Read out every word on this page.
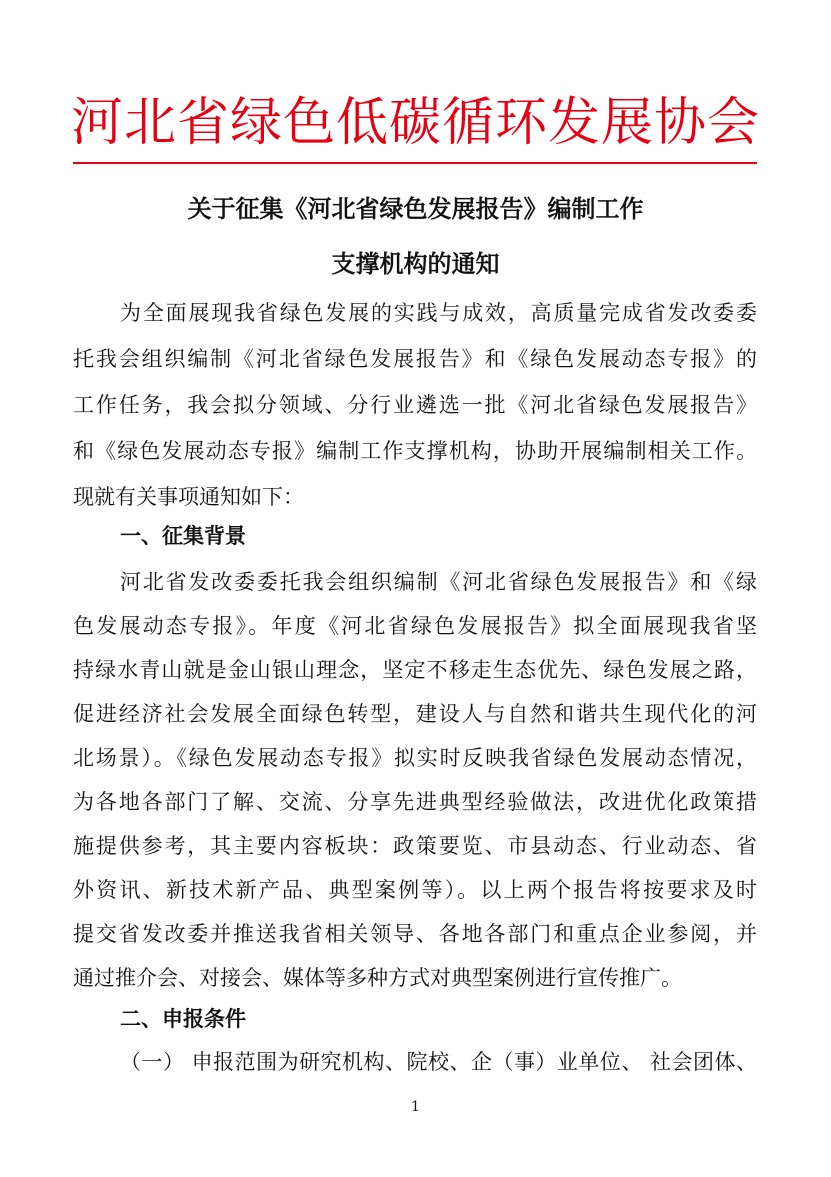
河北省绿色低碳循环发展协会
关于征集《河北省绿色发展报告》编制工作
支撑机构的通知
为全面展现我省绿色发展的实践与成效，高质量完成省发改委委
托我会组织编制《河北省绿色发展报告》和《绿色发展动态专报》的
工作任务，我会拟分领域、分行业遴选一批《河北省绿色发展报告》
和《绿色发展动态专报》编制工作支撑机构，协助开展编制相关工作。
现就有关事项通知如下：
一、征集背景
河北省发改委委托我会组织编制《河北省绿色发展报告》和《绿
色发展动态专报》。年度《河北省绿色发展报告》拟全面展现我省坚
持绿水青山就是金山银山理念，坚定不移走生态优先、绿色发展之路，
促进经济社会发展全面绿色转型，建设人与自然和谐共生现代化的河
北场景）。《绿色发展动态专报》拟实时反映我省绿色发展动态情况，
为各地各部门了解、交流、分享先进典型经验做法，改进优化政策措
施提供参考，其主要内容板块：政策要览、市县动态、行业动态、省
外资讯、新技术新产品、典型案例等）。以上两个报告将按要求及时
提交省发改委并推送我省相关领导、各地各部门和重点企业参阅，并
通过推介会、对接会、媒体等多种方式对典型案例进行宣传推广。
二、申报条件
（一） 申报范围为研究机构、院校、企（事）业单位、 社会团体、
1
